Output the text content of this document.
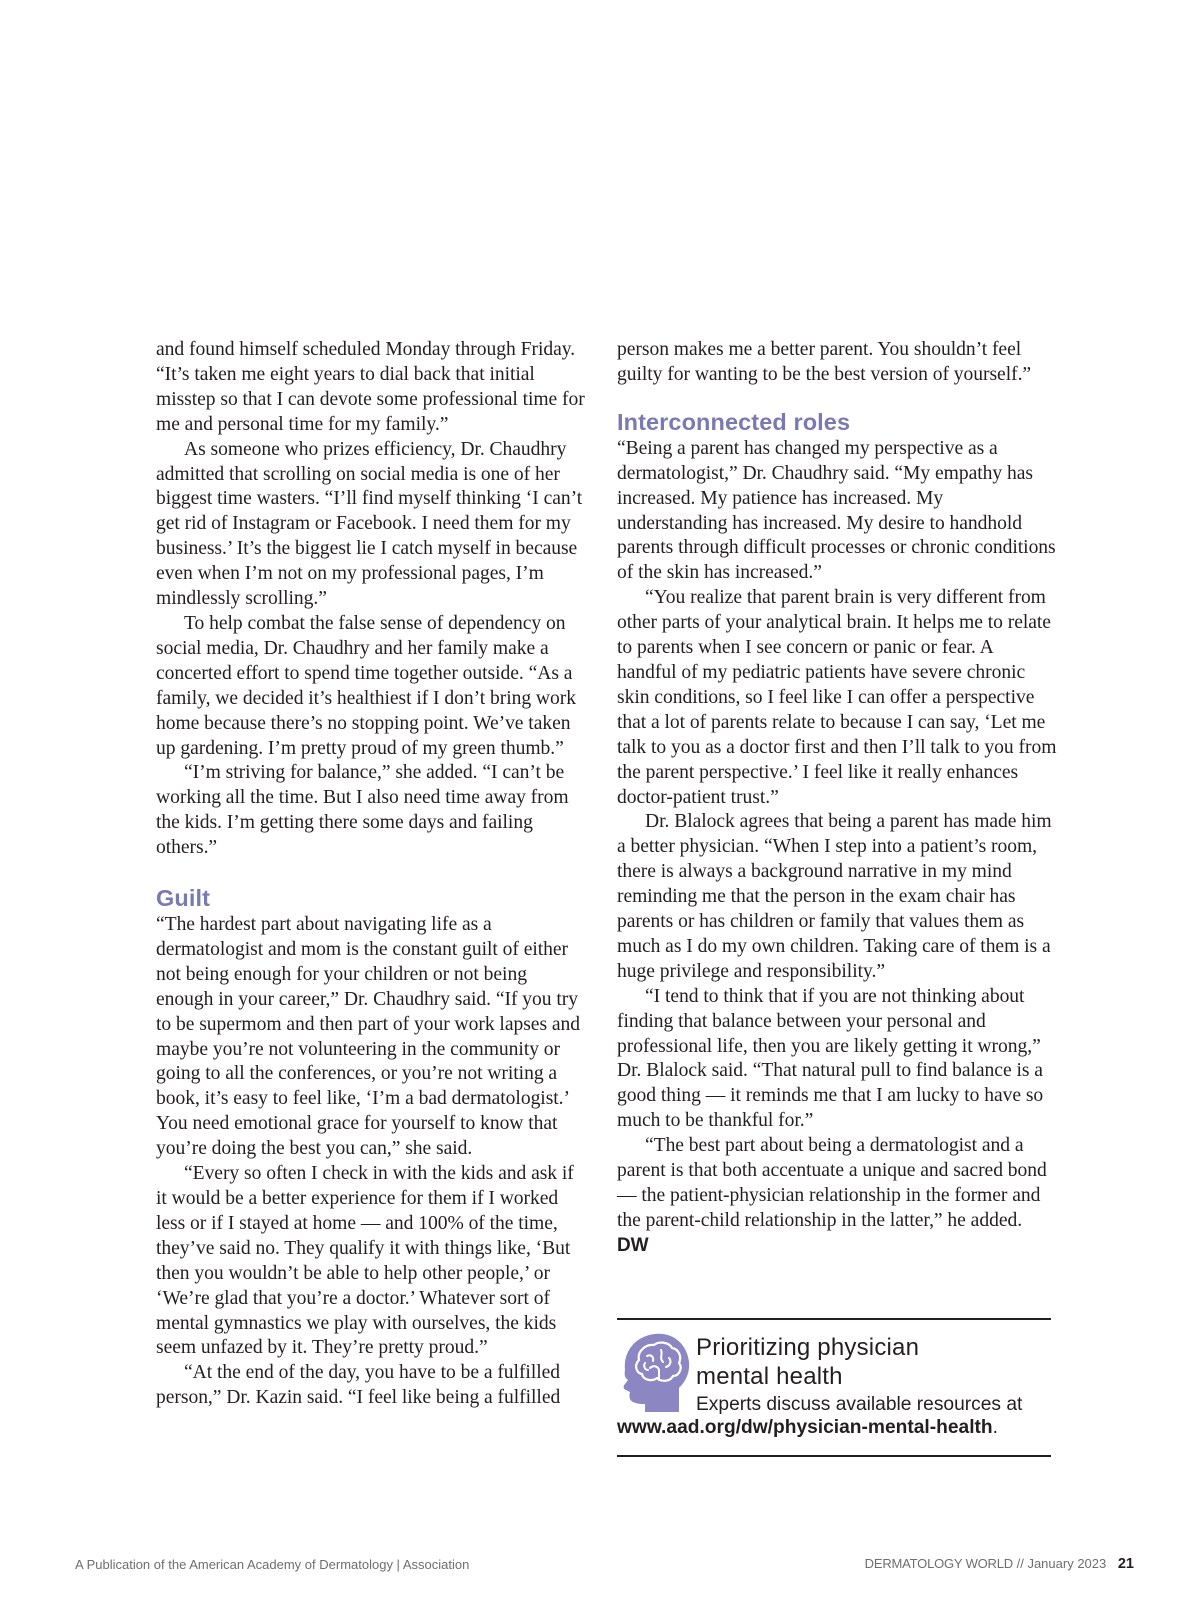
and found himself scheduled Monday through Friday. “It’s taken me eight years to dial back that initial misstep so that I can devote some professional time for me and personal time for my family.”

As someone who prizes efficiency, Dr. Chaudhry admitted that scrolling on social media is one of her biggest time wasters. “I’ll find myself thinking ‘I can’t get rid of Instagram or Facebook. I need them for my business.’ It’s the biggest lie I catch myself in because even when I’m not on my professional pages, I’m mindlessly scrolling.”

To help combat the false sense of dependency on social media, Dr. Chaudhry and her family make a concerted effort to spend time together outside. “As a family, we decided it’s healthiest if I don’t bring work home because there’s no stopping point. We’ve taken up gardening. I’m pretty proud of my green thumb.”

“I’m striving for balance,” she added. “I can’t be working all the time. But I also need time away from the kids. I’m getting there some days and failing others.”

Guilt

“The hardest part about navigating life as a dermatologist and mom is the constant guilt of either not being enough for your children or not being enough in your career,” Dr. Chaudhry said. “If you try to be supermom and then part of your work lapses and maybe you’re not volunteering in the community or going to all the conferences, or you’re not writing a book, it’s easy to feel like, ‘I’m a bad dermatologist.’ You need emotional grace for yourself to know that you’re doing the best you can,” she said.

“Every so often I check in with the kids and ask if it would be a better experience for them if I worked less or if I stayed at home — and 100% of the time, they’ve said no. They qualify it with things like, ‘But then you wouldn’t be able to help other people,’ or ‘We’re glad that you’re a doctor.’ Whatever sort of mental gymnastics we play with ourselves, the kids seem unfazed by it. They’re pretty proud.”

“At the end of the day, you have to be a fulfilled person,” Dr. Kazin said. “I feel like being a fulfilled

person makes me a better parent. You shouldn’t feel guilty for wanting to be the best version of yourself.”

Interconnected roles

“Being a parent has changed my perspective as a dermatologist,” Dr. Chaudhry said. “My empathy has increased. My patience has increased. My understanding has increased. My desire to handhold parents through difficult processes or chronic conditions of the skin has increased.”

“You realize that parent brain is very different from other parts of your analytical brain. It helps me to relate to parents when I see concern or panic or fear. A handful of my pediatric patients have severe chronic skin conditions, so I feel like I can offer a perspective that a lot of parents relate to because I can say, ‘Let me talk to you as a doctor first and then I’ll talk to you from the parent perspective.’ I feel like it really enhances doctor-patient trust.”

Dr. Blalock agrees that being a parent has made him a better physician. “When I step into a patient’s room, there is always a background narrative in my mind reminding me that the person in the exam chair has parents or has children or family that values them as much as I do my own children. Taking care of them is a huge privilege and responsibility.”

“I tend to think that if you are not thinking about finding that balance between your personal and professional life, then you are likely getting it wrong,” Dr. Blalock said. “That natural pull to find balance is a good thing — it reminds me that I am lucky to have so much to be thankful for.”

“The best part about being a dermatologist and a parent is that both accentuate a unique and sacred bond — the patient-physician relationship in the former and the parent-child relationship in the latter,” he added. DW

Prioritizing physician
mental health
Experts discuss available resources at
www.aad.org/dw/physician-mental-health.
A Publication of the American Academy of Dermatology | Association	DERMATOLOGY WORLD // January 2023 21
